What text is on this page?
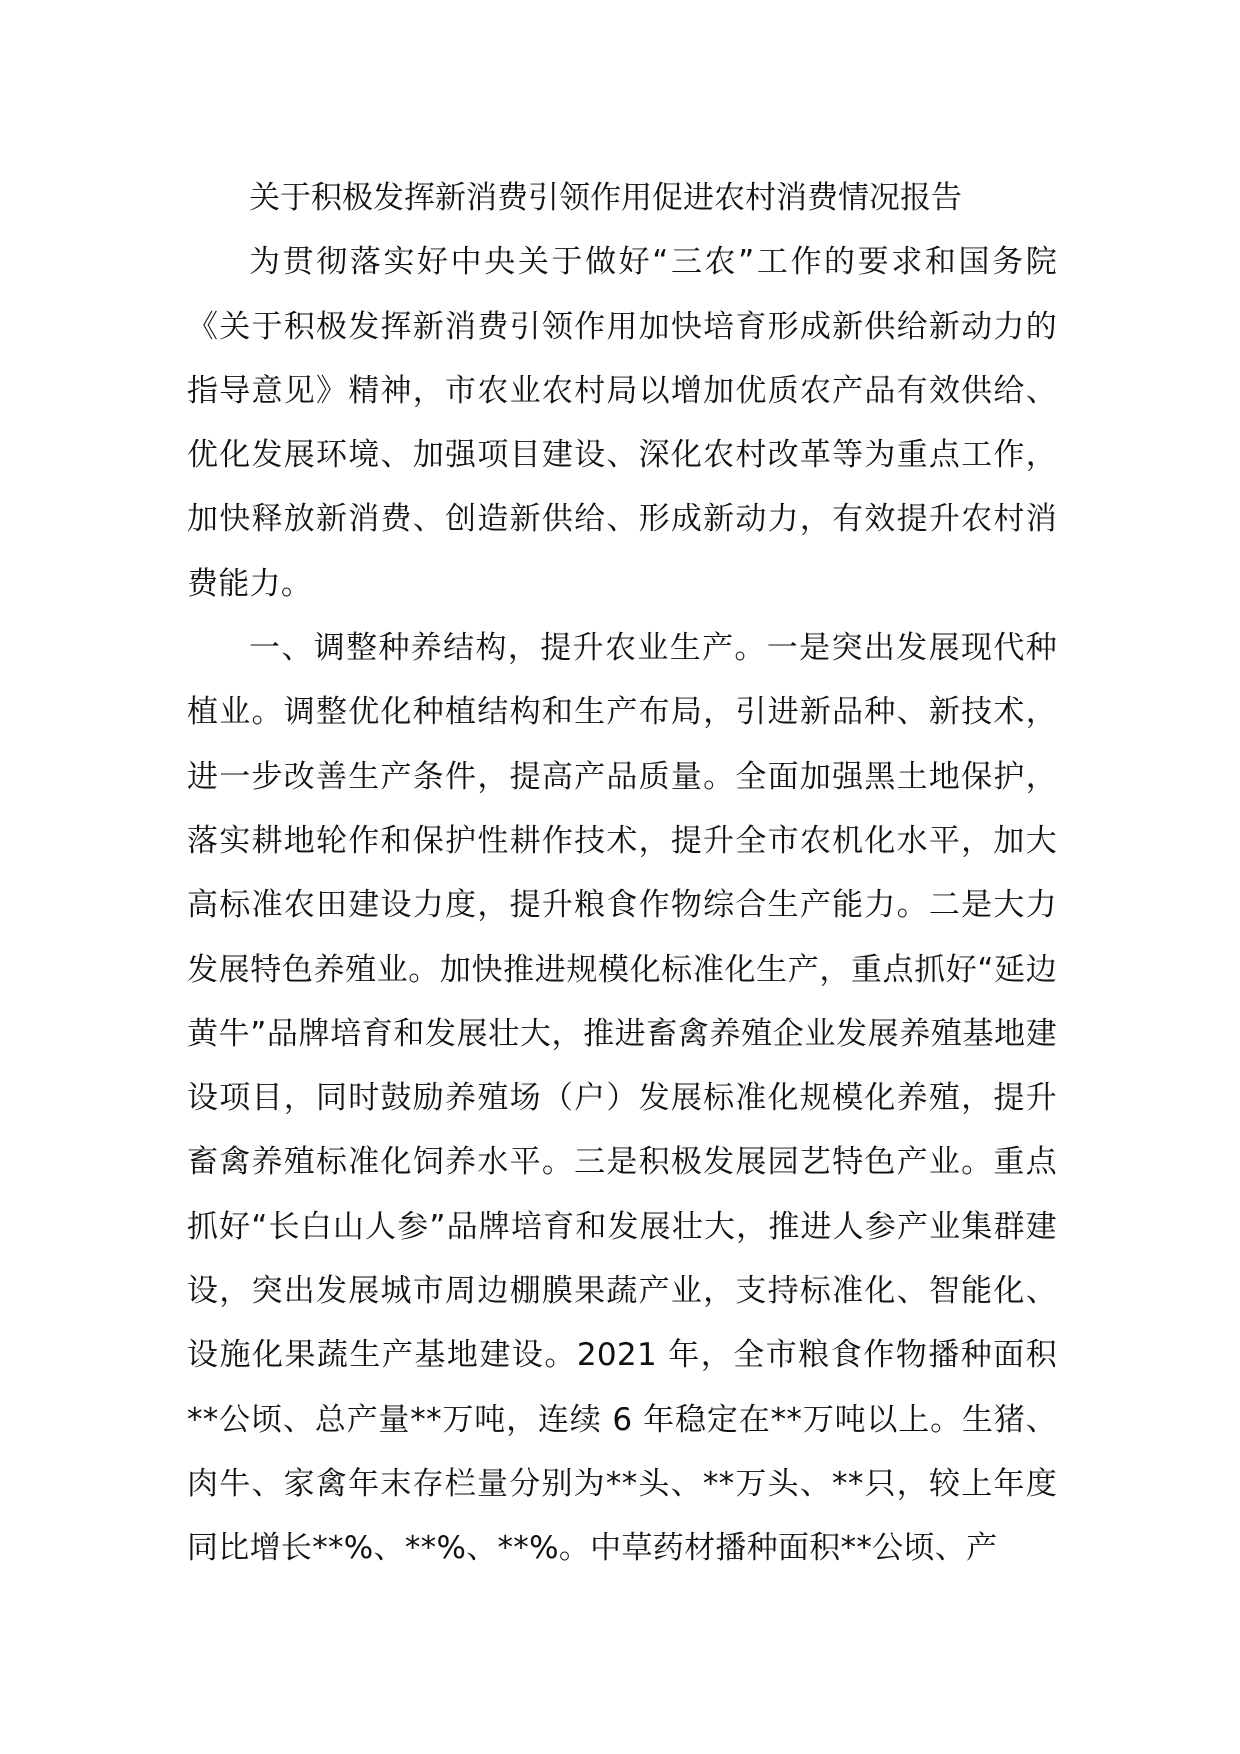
关于积极发挥新消费引领作用促进农村消费情况报告

为贯彻落实好中央关于做好“三农”工作的要求和国务院《关于积极发挥新消费引领作用加快培育形成新供给新动力的指导意见》精神，市农业农村局以增加优质农产品有效供给、优化发展环境、加强项目建设、深化农村改革等为重点工作，加快释放新消费、创造新供给、形成新动力，有效提升农村消费能力。

一、调整种养结构，提升农业生产。一是突出发展现代种植业。调整优化种植结构和生产布局，引进新品种、新技术，进一步改善生产条件，提高产品质量。全面加强黑土地保护，落实耕地轮作和保护性耕作技术，提升全市农机化水平，加大高标准农田建设力度，提升粮食作物综合生产能力。二是大力发展特色养殖业。加快推进规模化标准化生产，重点抓好“延边黄牛”品牌培育和发展壮大，推进畜禽养殖企业发展养殖基地建设项目，同时鼓励养殖场（户）发展标准化规模化养殖，提升畜禽养殖标准化饲养水平。三是积极发展园艺特色产业。重点抓好“长白山人参”品牌培育和发展壮大，推进人参产业集群建设，突出发展城市周边棚膜果蔬产业，支持标准化、智能化、设施化果蔬生产基地建设。2021 年，全市粮食作物播种面积**公顷、总产量**万吨，连续 6 年稳定在**万吨以上。生猪、肉牛、家禽年末存栏量分别为**头、**万头、**只，较上年度同比增长**%、**%、**%。中草药材播种面积**公顷、产
